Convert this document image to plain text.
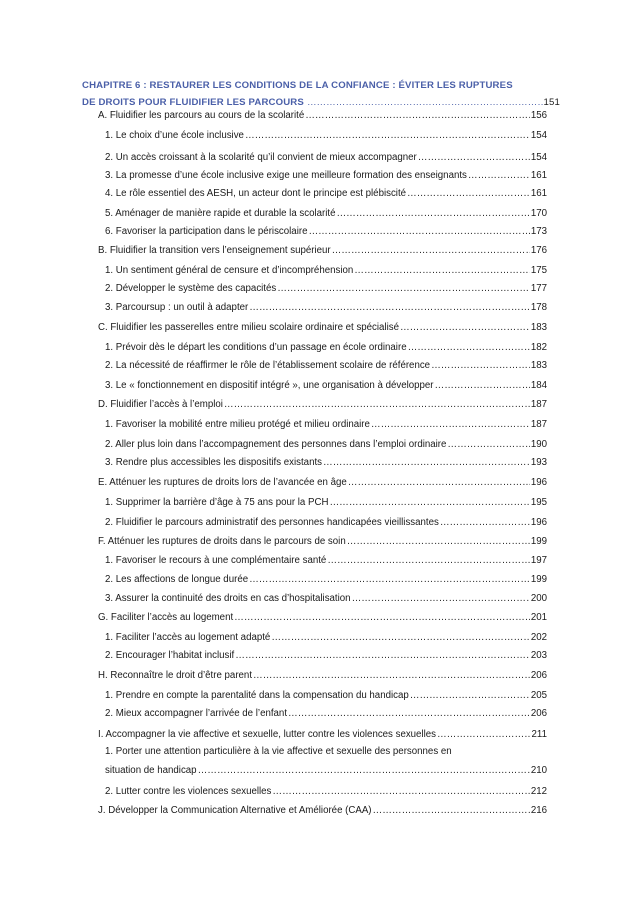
CHAPITRE 6 : RESTAURER LES CONDITIONS DE LA CONFIANCE : ÉVITER LES RUPTURES
DE DROITS POUR FLUIDIFIER LES PARCOURS …………………………………………………………………………………………………………………………	151
A. Fluidifier les parcours au cours de la scolarité ………………………………………………………………………………………………………………………………………………………………	156
1. Le choix d’une école inclusive ………………………………………………………………………………………………………………………………………………………………	154
2. Un accès croissant à la scolarité qu’il convient de mieux accompagner ………………………………………………………………………………………………………………………………………………………………	154
3. La promesse d’une école inclusive exige une meilleure formation des enseignants ………………………………………………………………………………………………………………………………………………………………	161
4. Le rôle essentiel des AESH, un acteur dont le principe est plébiscité ………………………………………………………………………………………………………………………………………………………………	161
5. Aménager de manière rapide et durable la scolarité ………………………………………………………………………………………………………………………………………………………………	170
6. Favoriser la participation dans le périscolaire ………………………………………………………………………………………………………………………………………………………………	173
B. Fluidifier la transition vers l’enseignement supérieur ………………………………………………………………………………………………………………………………………………………………	176
1. Un sentiment général de censure et d’incompréhension ………………………………………………………………………………………………………………………………………………………………	175
2. Développer le système des capacités ………………………………………………………………………………………………………………………………………………………………	177
3. Parcoursup : un outil à adapter ………………………………………………………………………………………………………………………………………………………………	178
C. Fluidifier les passerelles entre milieu scolaire ordinaire et spécialisé ………………………………………………………………………………………………………………………………………………………………	183
1. Prévoir dès le départ les conditions d’un passage en école ordinaire ………………………………………………………………………………………………………………………………………………………………	182
2. La nécessité de réaffirmer le rôle de l’établissement scolaire de référence ………………………………………………………………………………………………………………………………………………………………	183
3. Le « fonctionnement en dispositif intégré », une organisation à développer ………………………………………………………………………………………………………………………………………………………………	184
D. Fluidifier l’accès à l’emploi ………………………………………………………………………………………………………………………………………………………………	187
1. Favoriser la mobilité entre milieu protégé et milieu ordinaire ………………………………………………………………………………………………………………………………………………………………	187
2. Aller plus loin dans l’accompagnement des personnes dans l’emploi ordinaire ………………………………………………………………………………………………………………………………………………………………	190
3. Rendre plus accessibles les dispositifs existants ………………………………………………………………………………………………………………………………………………………………	193
E. Atténuer les ruptures de droits lors de l’avancée en âge ………………………………………………………………………………………………………………………………………………………………	196
1. Supprimer la barrière d’âge à 75 ans pour la PCH ………………………………………………………………………………………………………………………………………………………………	195
2. Fluidifier le parcours administratif des personnes handicapées vieillissantes ………………………………………………………………………………………………………………………………………………………………	196
F. Atténuer les ruptures de droits dans le parcours de soin ………………………………………………………………………………………………………………………………………………………………	199
1. Favoriser le recours à une complémentaire santé ………………………………………………………………………………………………………………………………………………………………	197
2. Les affections de longue durée ………………………………………………………………………………………………………………………………………………………………	199
3. Assurer la continuité des droits en cas d’hospitalisation ………………………………………………………………………………………………………………………………………………………………	200
G. Faciliter l’accès au logement ………………………………………………………………………………………………………………………………………………………………	201
1. Faciliter l’accès au logement adapté ………………………………………………………………………………………………………………………………………………………………	202
2. Encourager l’habitat inclusif ………………………………………………………………………………………………………………………………………………………………	203
H. Reconnaître le droit d’être parent ………………………………………………………………………………………………………………………………………………………………	206
1. Prendre en compte la parentalité dans la compensation du handicap ………………………………………………………………………………………………………………………………………………………………	205
2. Mieux accompagner l’arrivée de l’enfant ………………………………………………………………………………………………………………………………………………………………	206
I. Accompagner la vie affective et sexuelle, lutter contre les violences sexuelles ………………………………………………………………………………………………………………………………………………………………	211
1. Porter une attention particulière à la vie affective et sexuelle des personnes en
situation de handicap ………………………………………………………………………………………………………………………………………………………………	210
2. Lutter contre les violences sexuelles ………………………………………………………………………………………………………………………………………………………………	212
J. Développer la Communication Alternative et Améliorée (CAA) ………………………………………………………………………………………………………………………………………………………………	216
